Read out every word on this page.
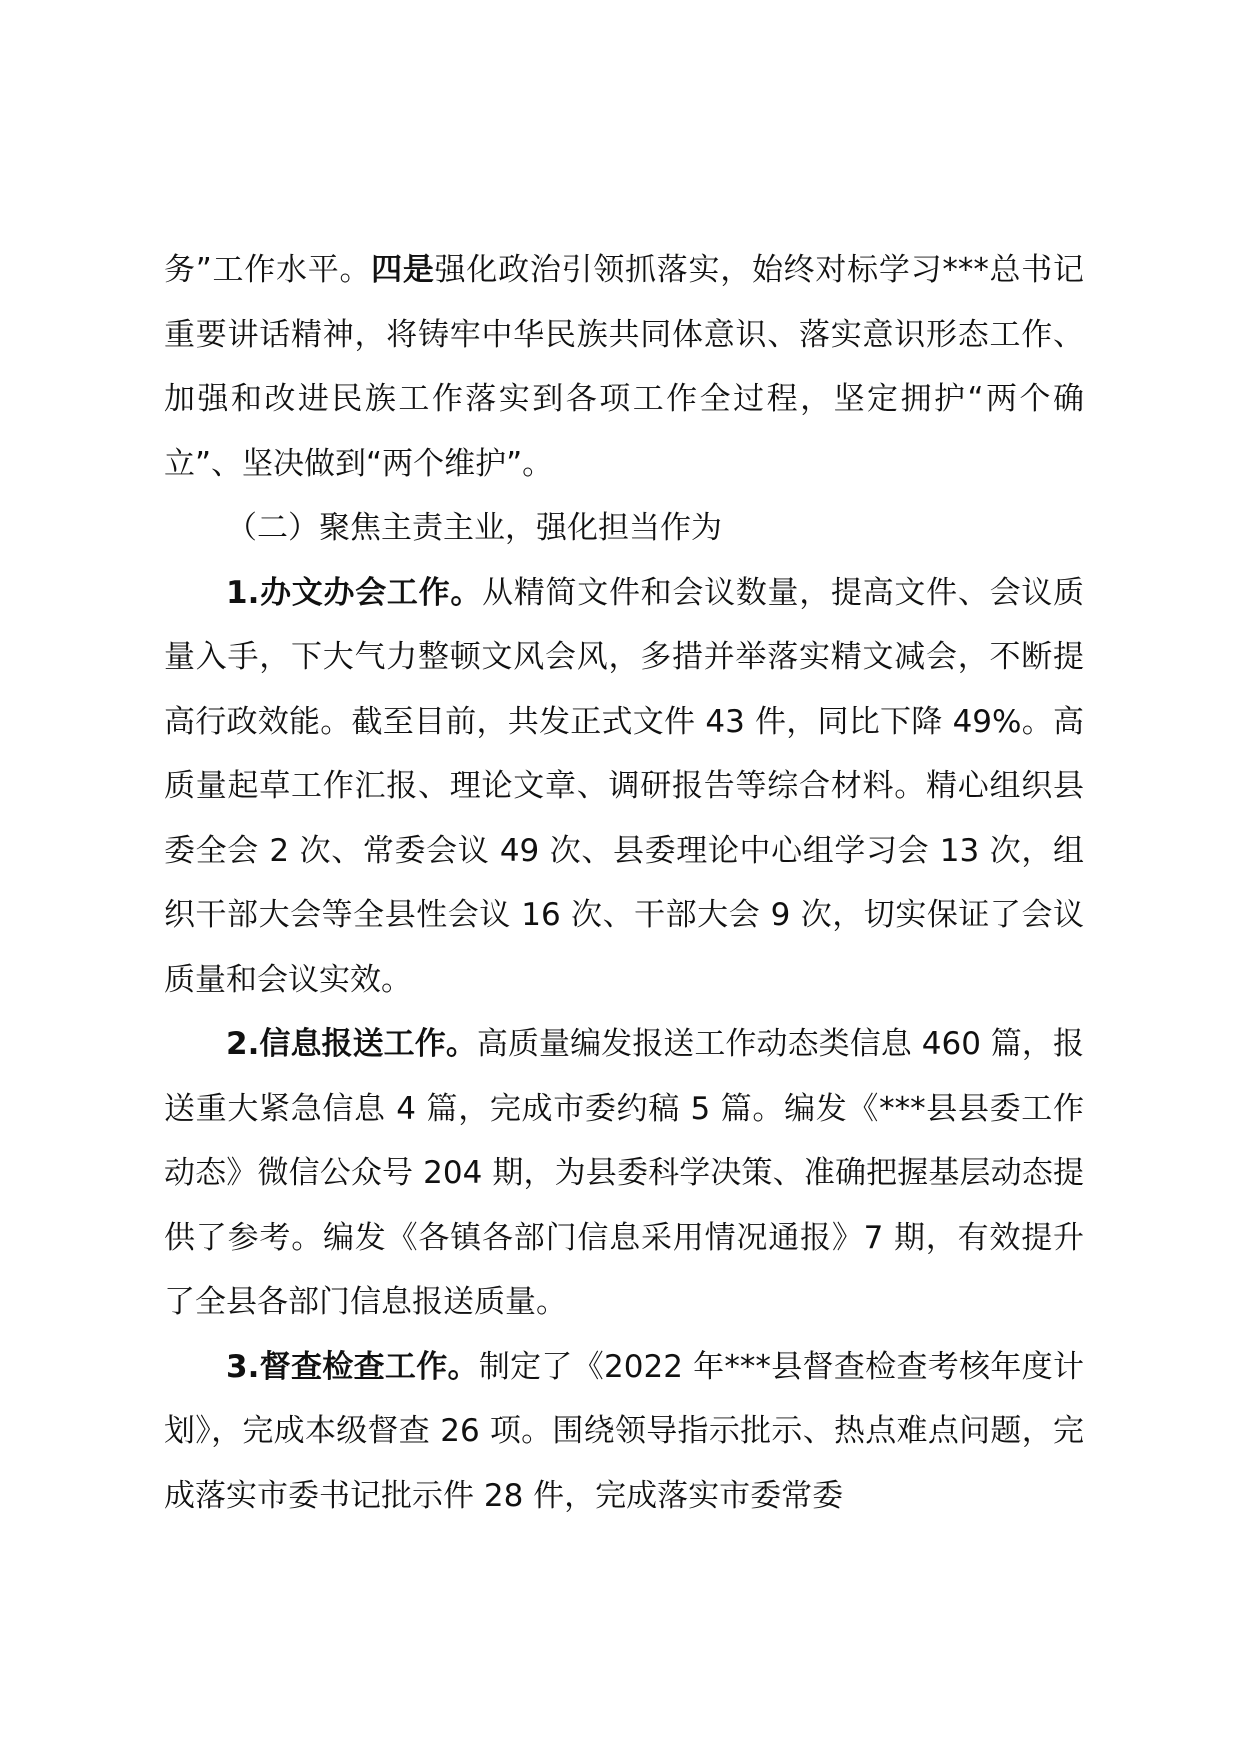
务”工作水平。四是强化政治引领抓落实，始终对标学习***总书记重要讲话精神，将铸牢中华民族共同体意识、落实意识形态工作、加强和改进民族工作落实到各项工作全过程，坚定拥护“两个确立”、坚决做到“两个维护”。

（二）聚焦主责主业，强化担当作为

1.办文办会工作。从精简文件和会议数量，提高文件、会议质量入手，下大气力整顿文风会风，多措并举落实精文减会，不断提高行政效能。截至目前，共发正式文件 43 件，同比下降 49%。高质量起草工作汇报、理论文章、调研报告等综合材料。精心组织县委全会 2 次、常委会议 49 次、县委理论中心组学习会 13 次，组织干部大会等全县性会议 16 次、干部大会 9 次，切实保证了会议质量和会议实效。

2.信息报送工作。高质量编发报送工作动态类信息 460 篇，报送重大紧急信息 4 篇，完成市委约稿 5 篇。编发《***县县委工作动态》微信公众号 204 期，为县委科学决策、准确把握基层动态提供了参考。编发《各镇各部门信息采用情况通报》7 期，有效提升了全县各部门信息报送质量。

3.督查检查工作。制定了《2022 年***县督查检查考核年度计划》，完成本级督查 26 项。围绕领导指示批示、热点难点问题，完成落实市委书记批示件 28 件，完成落实市委常委
